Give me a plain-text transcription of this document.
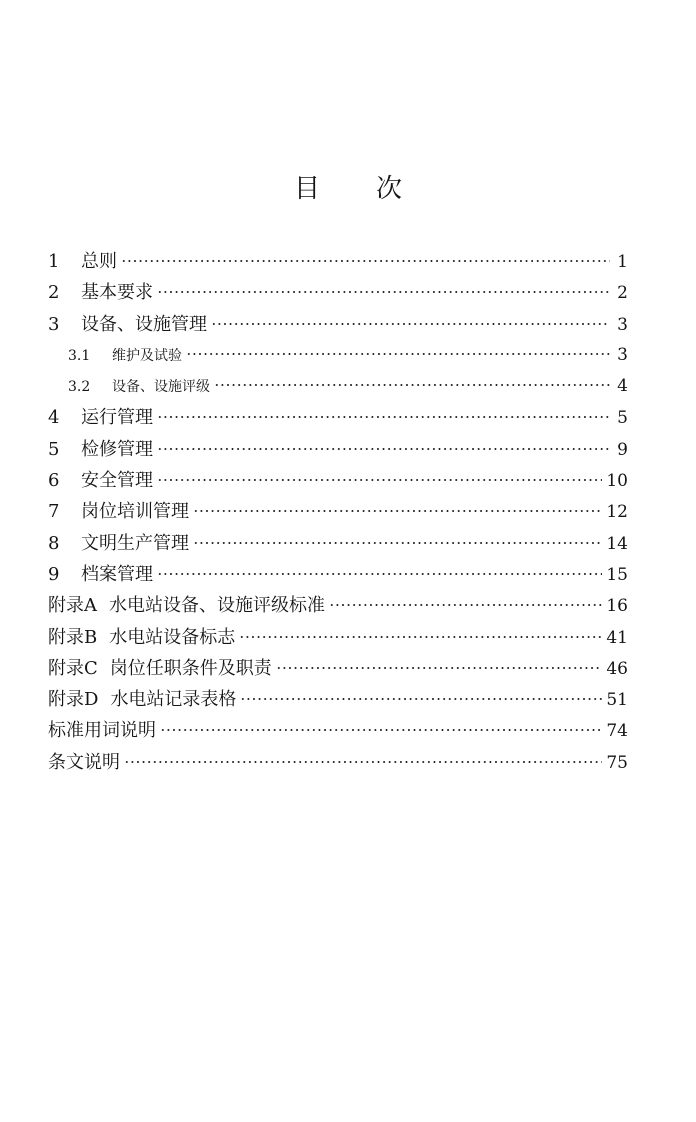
目 次
1	总则	1
2	基本要求	2
3	设备、设施管理	3
3.1	维护及试验	3
3.2	设备、设施评级	4
4	运行管理	5
5	检修管理	9
6	安全管理	10
7	岗位培训管理	12
8	文明生产管理	14
9	档案管理	15
附录A 水电站设备、设施评级标准	16
附录B 水电站设备标志	41
附录C 岗位任职条件及职责	46
附录D 水电站记录表格	51
标准用词说明	74
条文说明	75
